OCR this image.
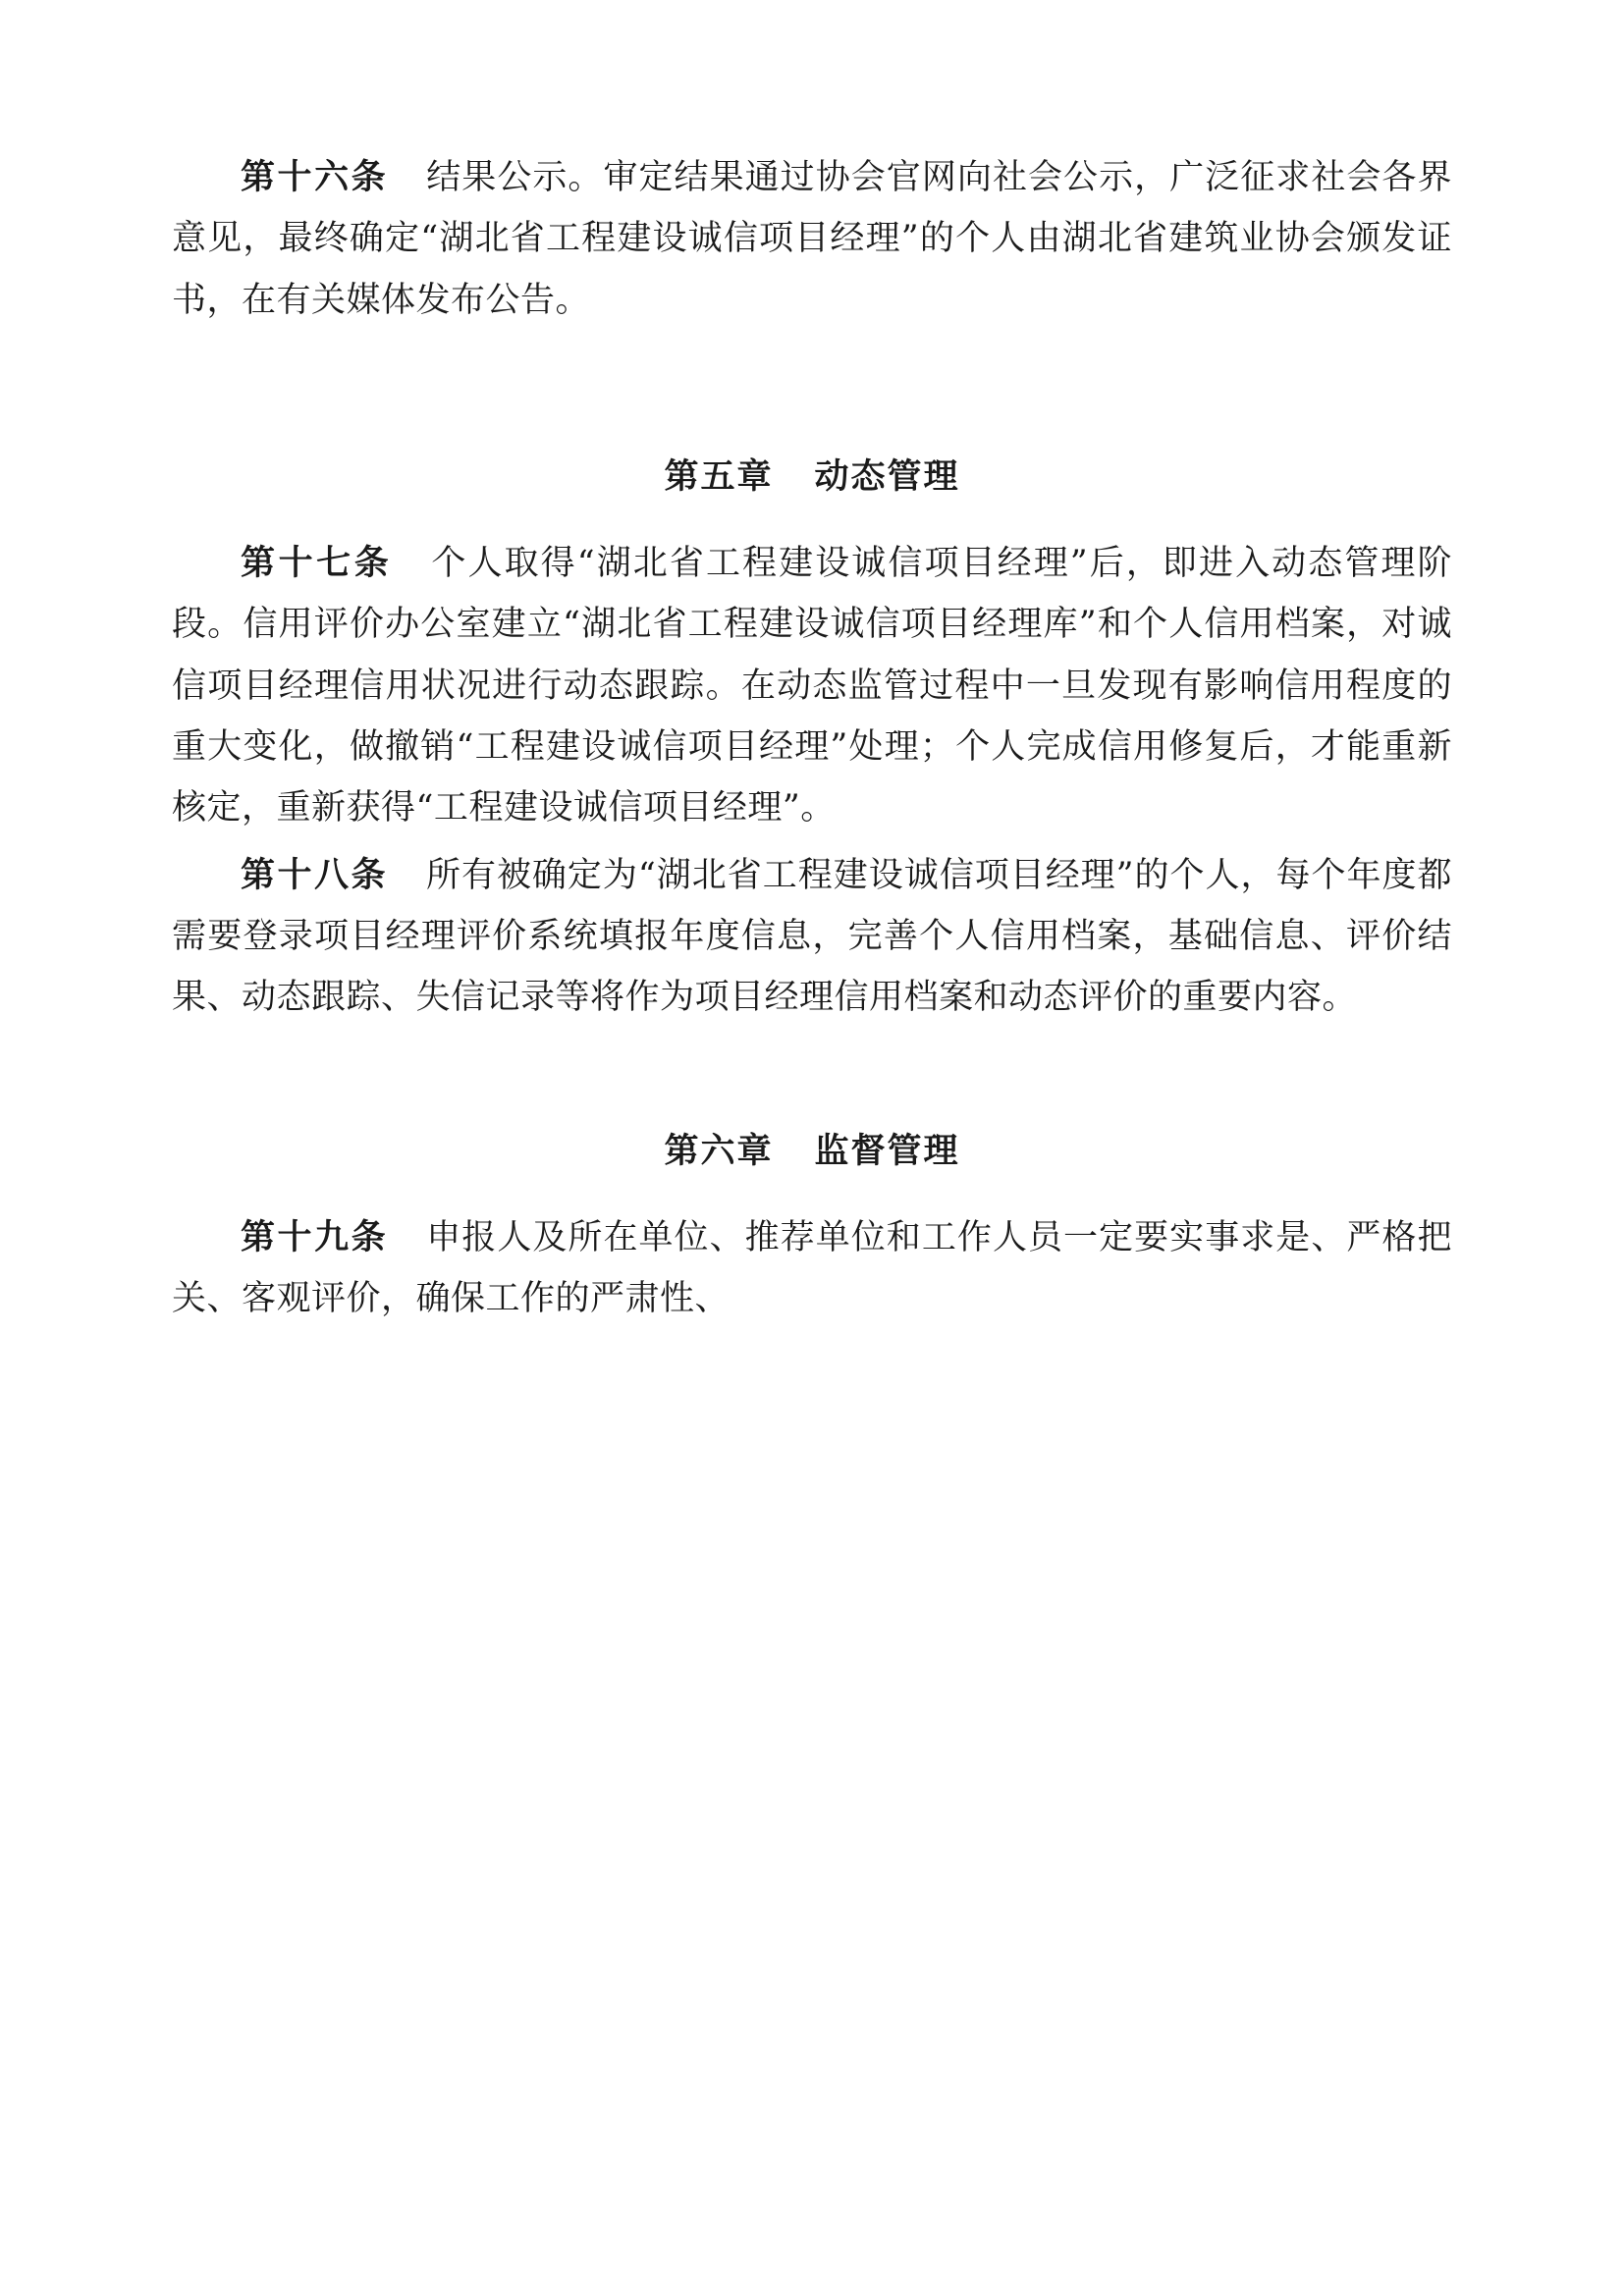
第十六条 结果公示。审定结果通过协会官网向社会公示，广泛征求社会各界意见，最终确定“湖北省工程建设诚信项目经理”的个人由湖北省建筑业协会颁发证书，在有关媒体发布公告。

第五章 动态管理

第十七条 个人取得“湖北省工程建设诚信项目经理”后，即进入动态管理阶段。信用评价办公室建立“湖北省工程建设诚信项目经理库”和个人信用档案，对诚信项目经理信用状况进行动态跟踪。在动态监管过程中一旦发现有影响信用程度的重大变化，做撤销“工程建设诚信项目经理”处理；个人完成信用修复后，才能重新核定，重新获得“工程建设诚信项目经理”。

第十八条 所有被确定为“湖北省工程建设诚信项目经理”的个人，每个年度都需要登录项目经理评价系统填报年度信息，完善个人信用档案，基础信息、评价结果、动态跟踪、失信记录等将作为项目经理信用档案和动态评价的重要内容。

第六章 监督管理

第十九条 申报人及所在单位、推荐单位和工作人员一定要实事求是、严格把关、客观评价，确保工作的严肃性、
